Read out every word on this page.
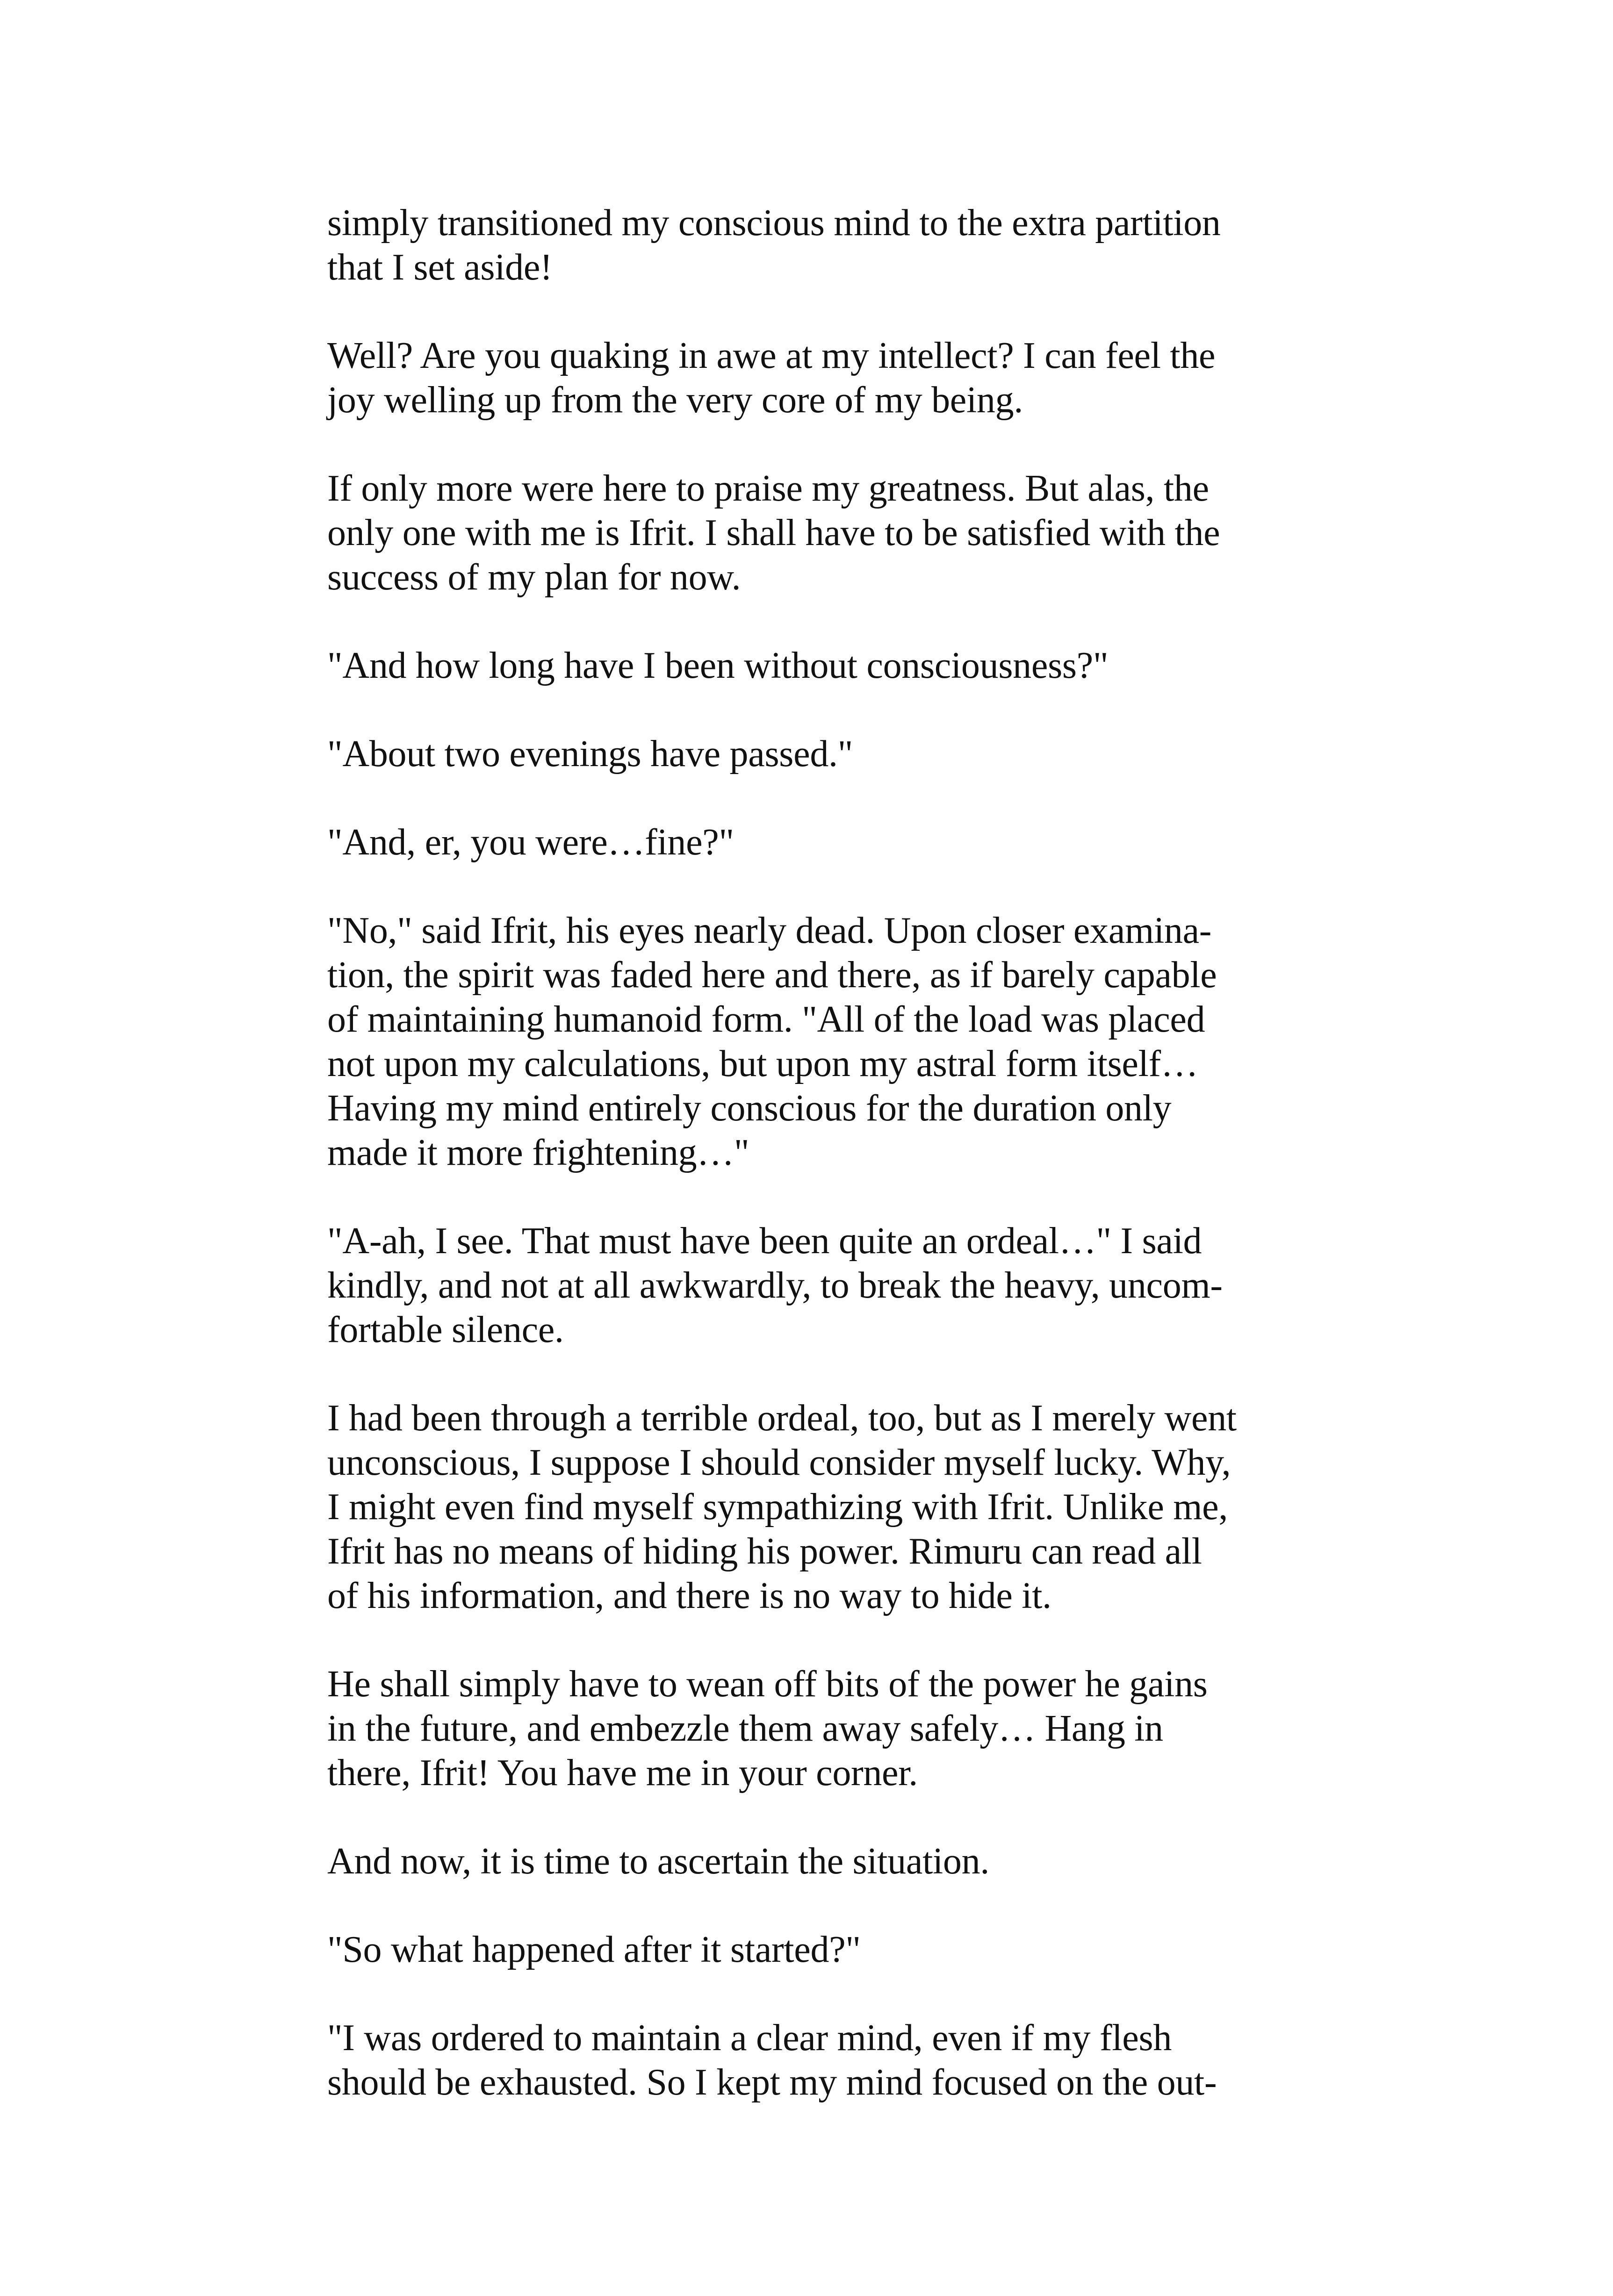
simply transitioned my conscious mind to the extra partition
that I set aside!

Well? Are you quaking in awe at my intellect? I can feel the
joy welling up from the very core of my being.

If only more were here to praise my greatness. But alas, the
only one with me is Ifrit. I shall have to be satisfied with the
success of my plan for now.

"And how long have I been without consciousness?"

"About two evenings have passed."

"And, er, you were…fine?"

"No," said Ifrit, his eyes nearly dead. Upon closer examina-
tion, the spirit was faded here and there, as if barely capable
of maintaining humanoid form. "All of the load was placed
not upon my calculations, but upon my astral form itself…
Having my mind entirely conscious for the duration only
made it more frightening…"

"A-ah, I see. That must have been quite an ordeal…" I said
kindly, and not at all awkwardly, to break the heavy, uncom-
fortable silence.

I had been through a terrible ordeal, too, but as I merely went
unconscious, I suppose I should consider myself lucky. Why,
I might even find myself sympathizing with Ifrit. Unlike me,
Ifrit has no means of hiding his power. Rimuru can read all
of his information, and there is no way to hide it.

He shall simply have to wean off bits of the power he gains
in the future, and embezzle them away safely… Hang in
there, Ifrit! You have me in your corner.

And now, it is time to ascertain the situation.

"So what happened after it started?"

"I was ordered to maintain a clear mind, even if my flesh
should be exhausted. So I kept my mind focused on the out-
